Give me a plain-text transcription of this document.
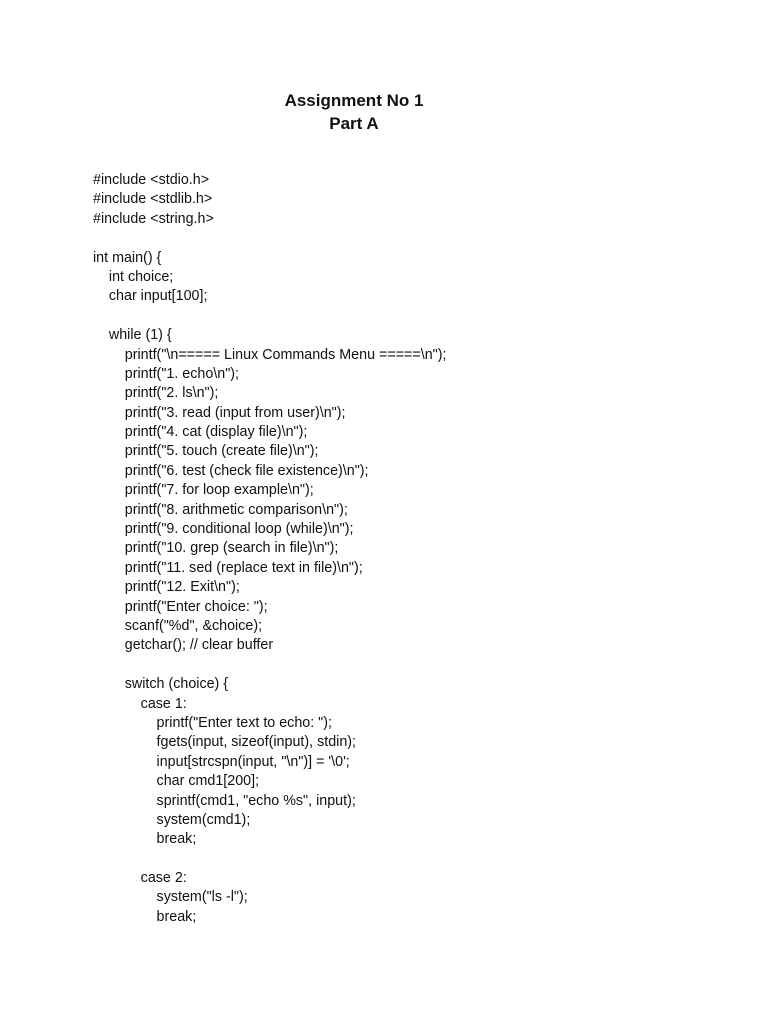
Assignment No 1
Part A
#include <stdio.h>
#include <stdlib.h>
#include <string.h>
int main() {
int choice;
char input[100];
while (1) {
printf("\n===== Linux Commands Menu =====\n");
printf("1. echo\n");
printf("2. ls\n");
printf("3. read (input from user)\n");
printf("4. cat (display file)\n");
printf("5. touch (create file)\n");
printf("6. test (check file existence)\n");
printf("7. for loop example\n");
printf("8. arithmetic comparison\n");
printf("9. conditional loop (while)\n");
printf("10. grep (search in file)\n");
printf("11. sed (replace text in file)\n");
printf("12. Exit\n");
printf("Enter choice: ");
scanf("%d", &choice);
getchar(); // clear buffer
switch (choice) {
case 1:
printf("Enter text to echo: ");
fgets(input, sizeof(input), stdin);
input[strcspn(input, "\n")] = '\0';
char cmd1[200];
sprintf(cmd1, "echo %s", input);
system(cmd1);
break;
case 2:
system("ls -l");
break;
